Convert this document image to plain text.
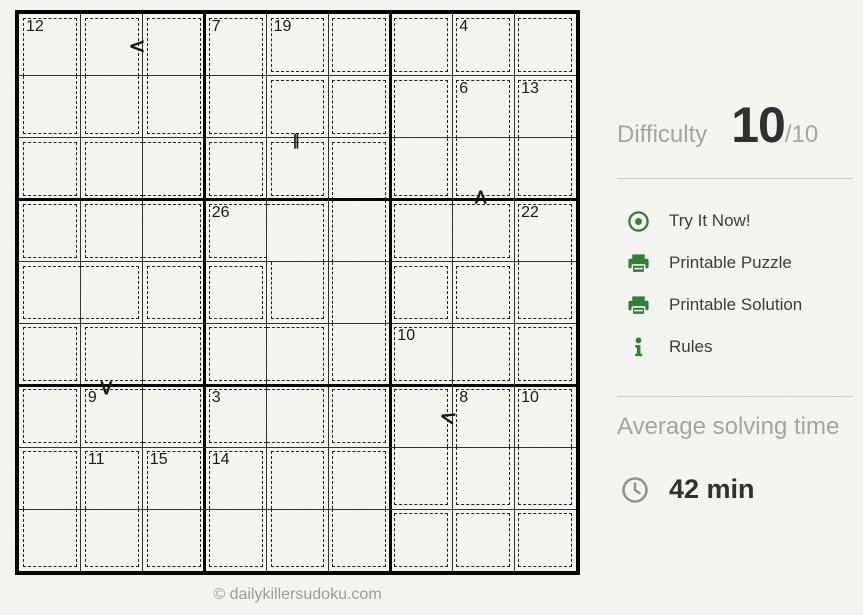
12	7	19	4
6	13
26	22
10
9	3	8	10
11	15	14
<
‖
<
<
<
Difficulty 10 /10
Try It Now!
Printable Puzzle
Printable Solution
Rules
Average solving time
42 min
© dailykillersudoku.com
